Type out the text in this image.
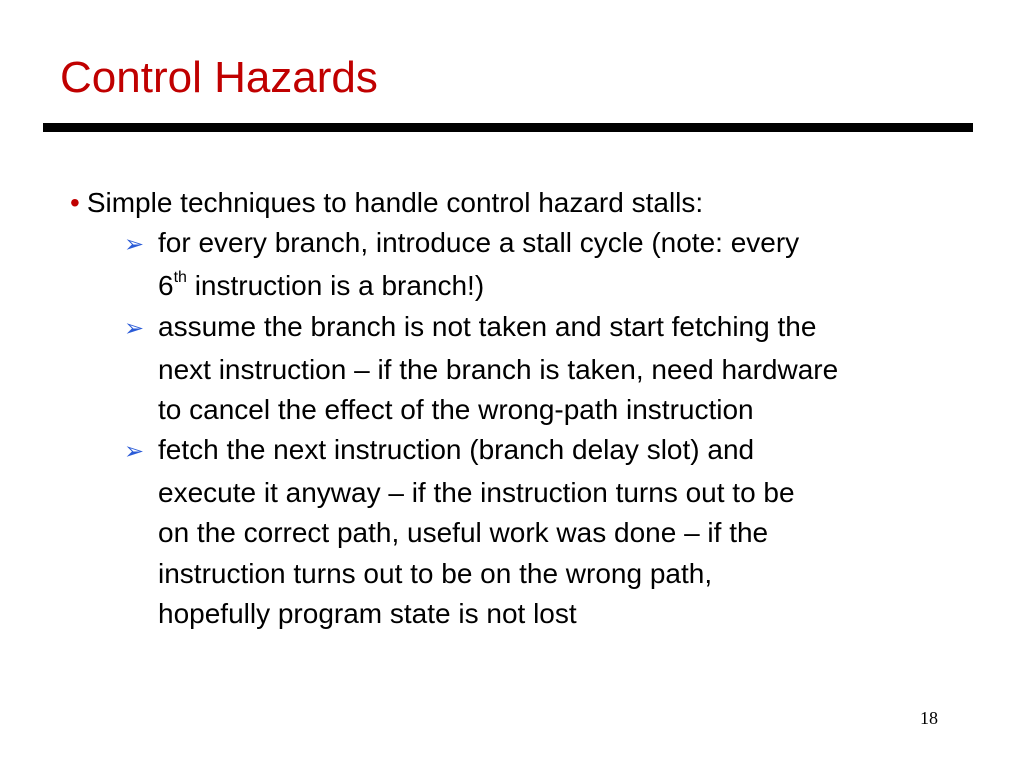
Control Hazards
• Simple techniques to handle control hazard stalls:
➢ for every branch, introduce a stall cycle (note: every
6th instruction is a branch!)
➢ assume the branch is not taken and start fetching the
next instruction – if the branch is taken, need hardware
to cancel the effect of the wrong-path instruction
➢ fetch the next instruction (branch delay slot) and
execute it anyway – if the instruction turns out to be
on the correct path, useful work was done – if the
instruction turns out to be on the wrong path,
hopefully program state is not lost
18
